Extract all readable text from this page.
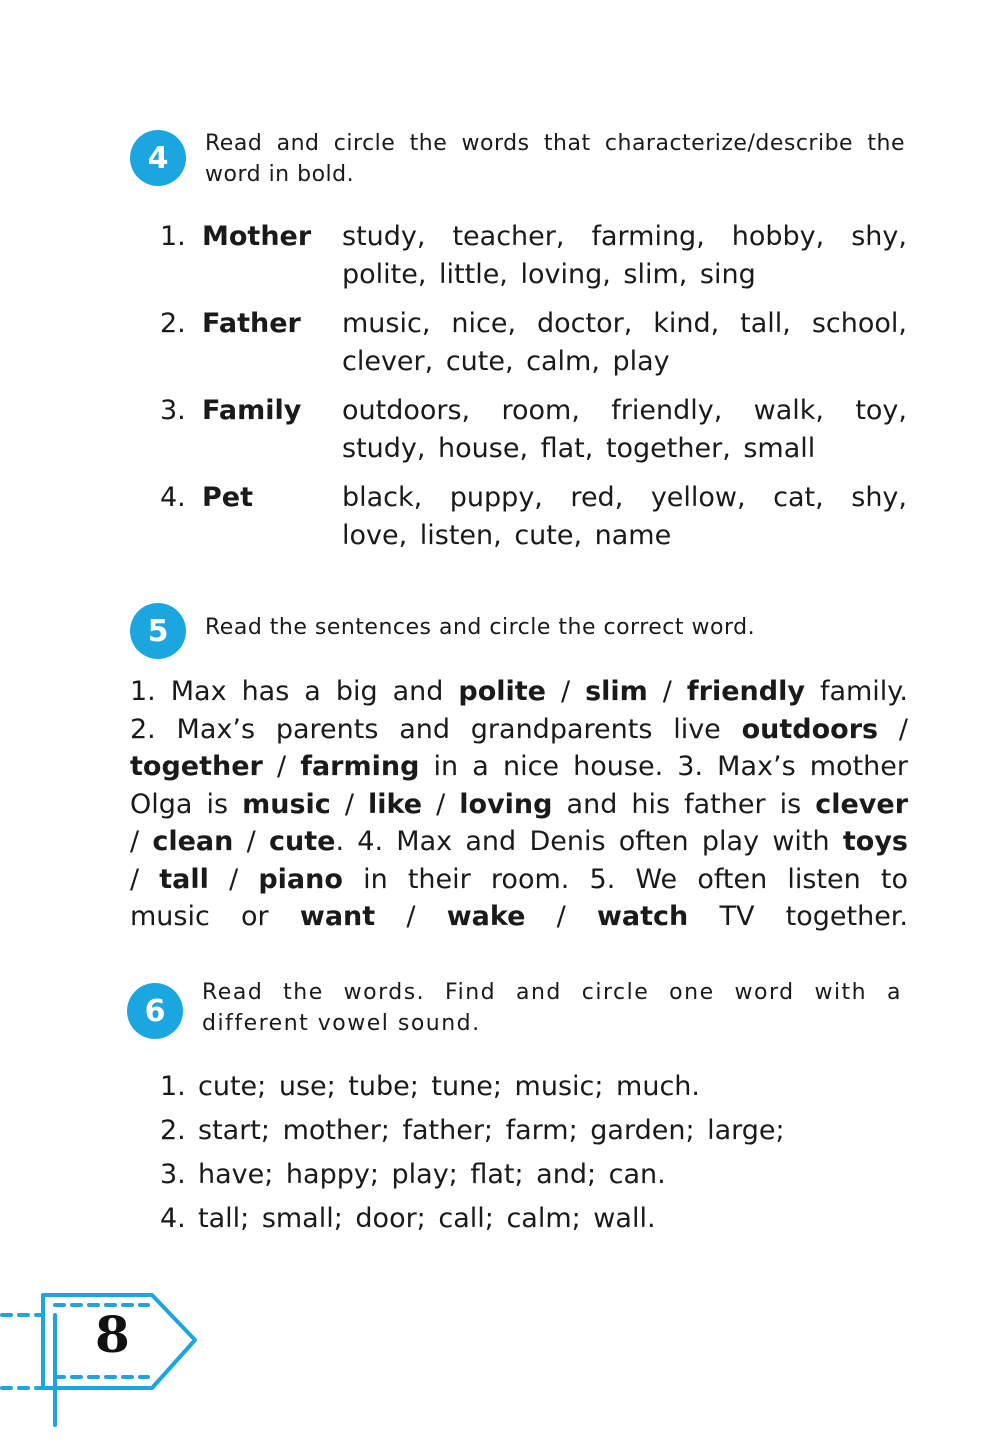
4	Read and circle the words that characterize/describe the word in bold.
1. Mother	study, teacher, farming, hobby, shy, polite, little, loving, slim, sing
2. Father	music, nice, doctor, kind, tall, school, clever, cute, calm, play
3. Family	outdoors, room, friendly, walk, toy, study, house, flat, together, small
4. Pet	black, puppy, red, yellow, cat, shy, love, listen, cute, name
5	Read the sentences and circle the correct word.
1. Max has a big and polite / slim / friendly family. 2. Max’s parents and grandparents live outdoors / together / farming in a nice house. 3. Max’s mother Olga is music / like / loving and his father is clever / clean / cute. 4. Max and Denis often play with toys / tall / piano in their room. 5. We often listen to music or want / wake / watch TV together.
6
Read the words. Find and circle one word with a different vowel sound.
1. cute; use; tube; tune; music; much.
2. start; mother; father; farm; garden; large;
3. have; happy; play; flat; and; can.
4. tall; small; door; call; calm; wall.
8
